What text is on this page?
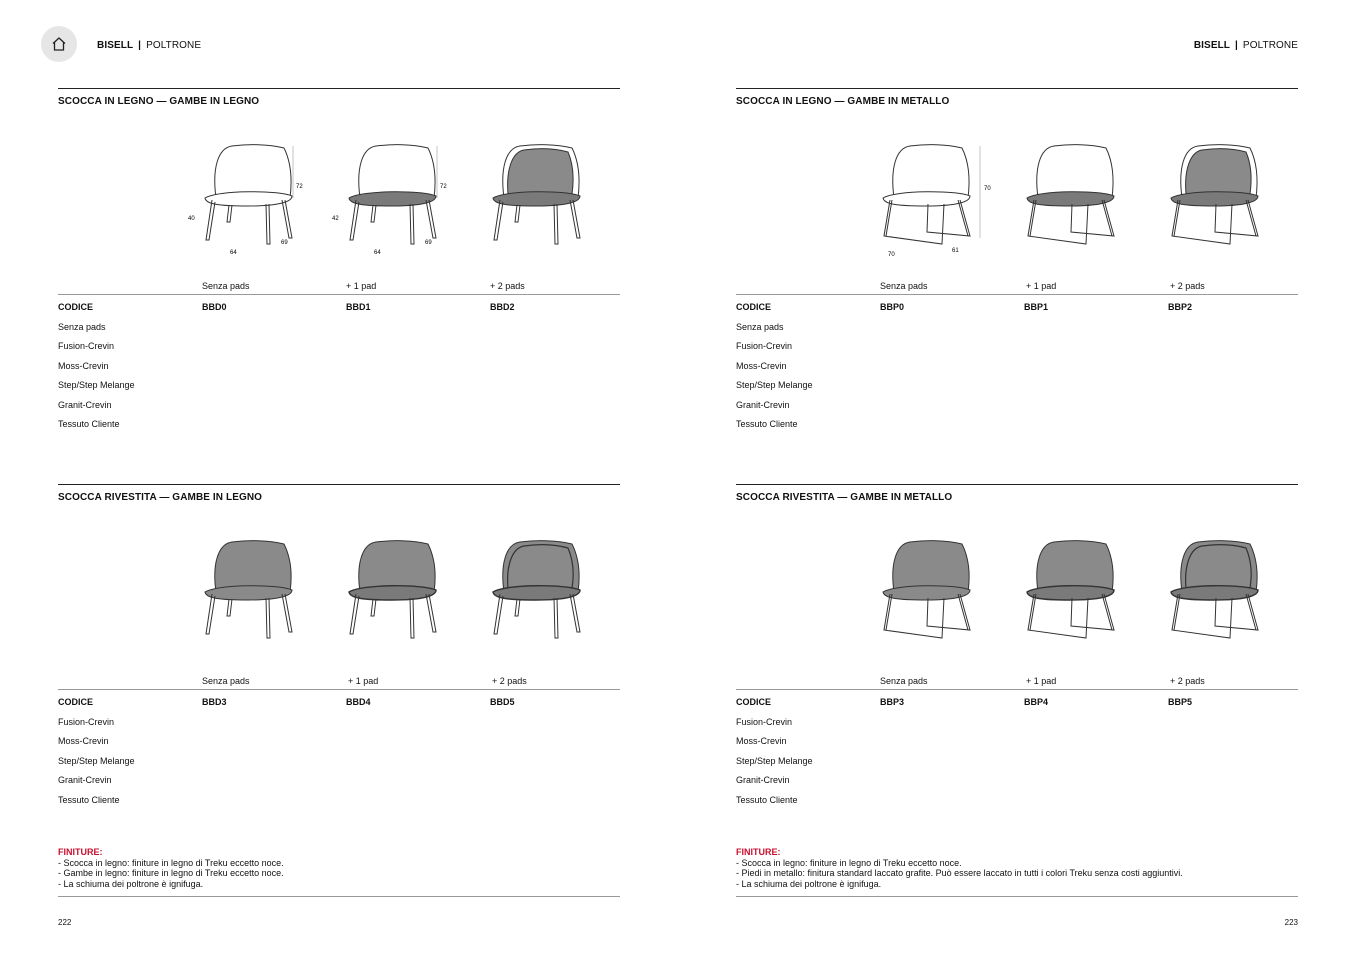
BISELL | POLTRONE	BISELL | POLTRONE
SCOCCA IN LEGNO — GAMBE IN LEGNO
72
40
64
69
72
42
64
69
Senza pads	+ 1 pad	+ 2 pads
CODICE	BBD0	BBD1	BBD2
Senza pads
Fusion-Crevin
Moss-Crevin
Step/Step Melange
Granit-Crevin
Tessuto Cliente
SCOCCA IN LEGNO — GAMBE IN METALLO
70
70
61
Senza pads	+ 1 pad	+ 2 pads
CODICE	BBP0	BBP1	BBP2
Senza pads
Fusion-Crevin
Moss-Crevin
Step/Step Melange
Granit-Crevin
Tessuto Cliente
SCOCCA RIVESTITA — GAMBE IN LEGNO
Senza pads	+ 1 pad	+ 2 pads
CODICE	BBD3	BBD4	BBD5
Fusion-Crevin
Moss-Crevin
Step/Step Melange
Granit-Crevin
Tessuto Cliente
SCOCCA RIVESTITA — GAMBE IN METALLO
Senza pads	+ 1 pad	+ 2 pads
CODICE	BBP3	BBP4	BBP5
Fusion-Crevin
Moss-Crevin
Step/Step Melange
Granit-Crevin
Tessuto Cliente
FINITURE:
- Scocca in legno: finiture in legno di Treku eccetto noce.
- Gambe in legno: finiture in legno di Treku eccetto noce.
- La schiuma dei poltrone è ignifuga.
FINITURE:
- Scocca in legno: finiture in legno di Treku eccetto noce.
- Piedi in metallo: finitura standard laccato grafite. Può essere laccato in tutti i colori Treku senza costi aggiuntivi.
- La schiuma dei poltrone è ignifuga.
222	223
